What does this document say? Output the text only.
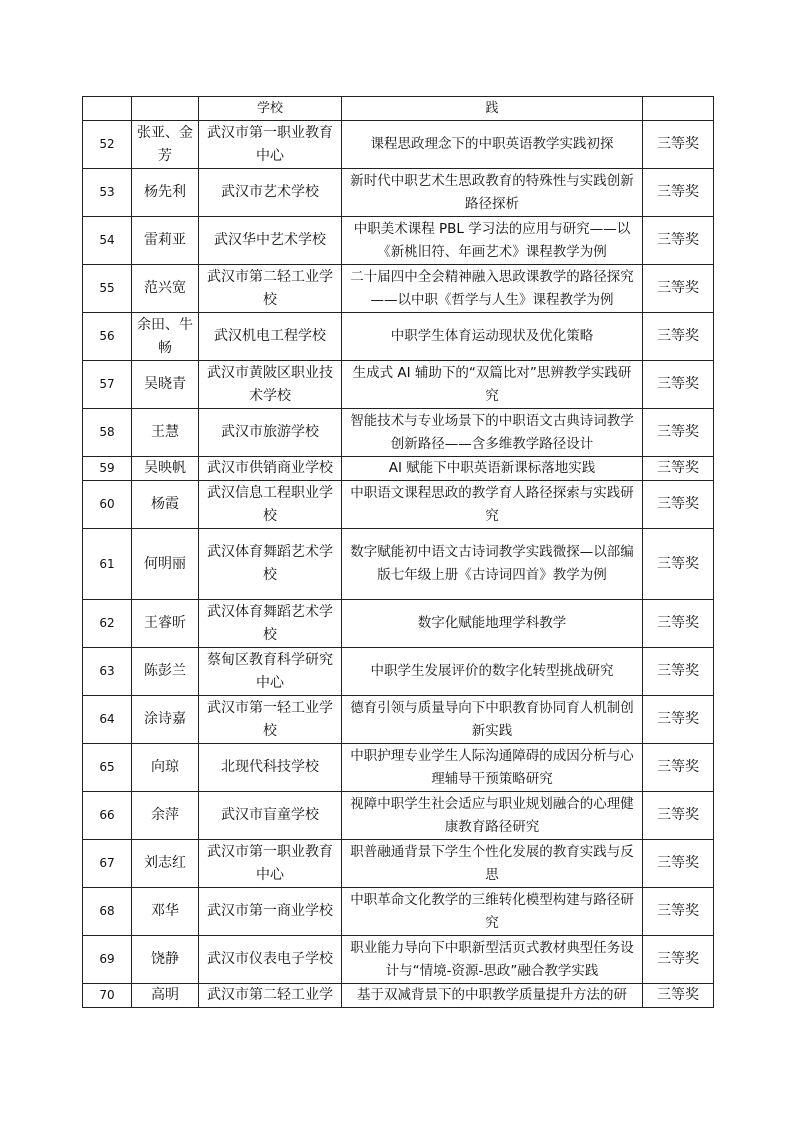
		学校	践	
52	张亚、金芳	武汉市第一职业教育中心	课程思政理念下的中职英语教学实践初探	三等奖
53	杨先利	武汉市艺术学校	新时代中职艺术生思政教育的特殊性与实践创新路径探析	三等奖
54	雷莉亚	武汉华中艺术学校	中职美术课程 PBL 学习法的应用与研究——以《新桃旧符、年画艺术》课程教学为例	三等奖
55	范兴宽	武汉市第二轻工业学校	二十届四中全会精神融入思政课教学的路径探究——以中职《哲学与人生》课程教学为例	三等奖
56	余田、牛畅	武汉机电工程学校	中职学生体育运动现状及优化策略	三等奖
57	吴晓青	武汉市黄陂区职业技术学校	生成式 AI 辅助下的“双篇比对”思辨教学实践研究	三等奖
58	王慧	武汉市旅游学校	智能技术与专业场景下的中职语文古典诗词教学创新路径——含多维教学路径设计	三等奖
59	吴映帆	武汉市供销商业学校	AI 赋能下中职英语新课标落地实践	三等奖
60	杨霞	武汉信息工程职业学校	中职语文课程思政的教学育人路径探索与实践研究	三等奖
61	何明丽	武汉体育舞蹈艺术学校	数字赋能初中语文古诗词教学实践微探—以部编版七年级上册《古诗词四首》教学为例	三等奖
62	王睿昕	武汉体育舞蹈艺术学校	数字化赋能地理学科教学	三等奖
63	陈彭兰	蔡甸区教育科学研究中心	中职学生发展评价的数字化转型挑战研究	三等奖
64	涂诗嘉	武汉市第一轻工业学校	德育引领与质量导向下中职教育协同育人机制创新实践	三等奖
65	向琼	北现代科技学校	中职护理专业学生人际沟通障碍的成因分析与心理辅导干预策略研究	三等奖
66	余萍	武汉市盲童学校	视障中职学生社会适应与职业规划融合的心理健康教育路径研究	三等奖
67	刘志红	武汉市第一职业教育中心	职普融通背景下学生个性化发展的教育实践与反思	三等奖
68	邓华	武汉市第一商业学校	中职革命文化教学的三维转化模型构建与路径研究	三等奖
69	饶静	武汉市仪表电子学校	职业能力导向下中职新型活页式教材典型任务设计与“情境-资源-思政”融合教学实践	三等奖
70	高明	武汉市第二轻工业学	基于双减背景下的中职教学质量提升方法的研	三等奖
